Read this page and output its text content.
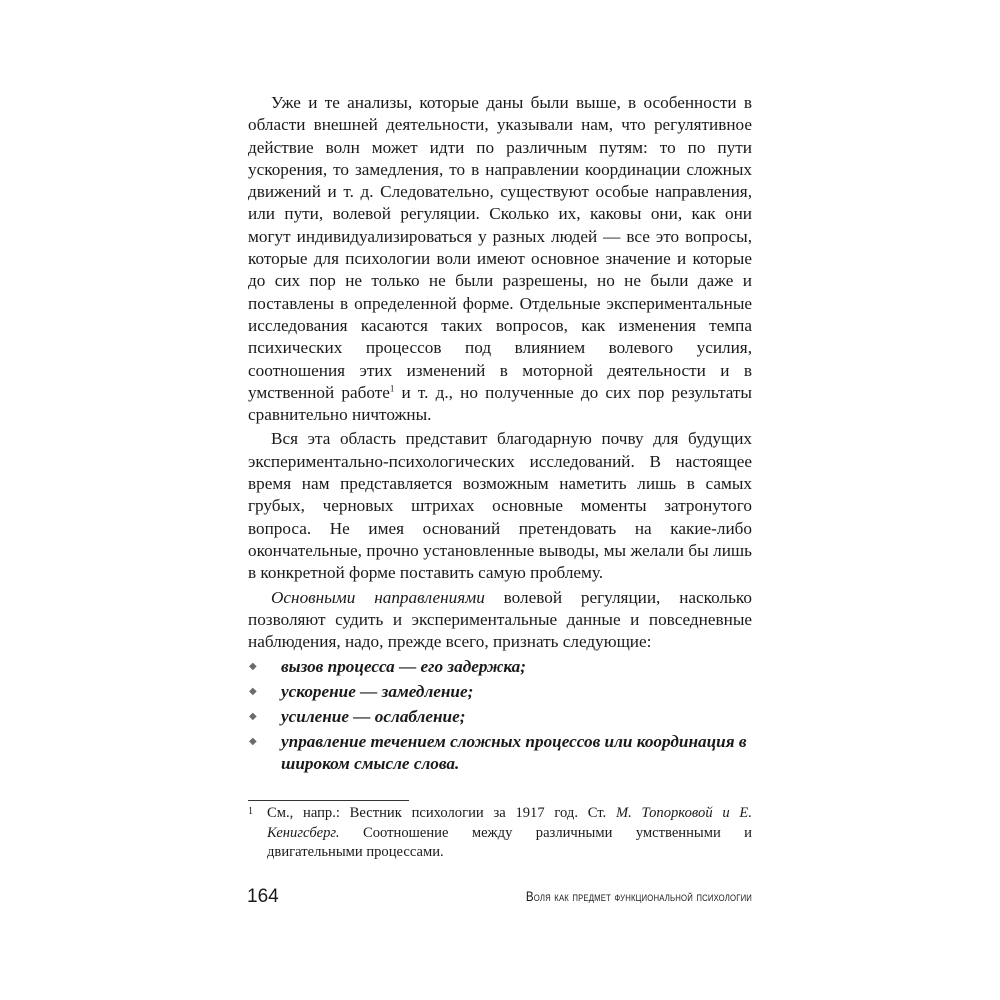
Уже и те анализы, которые даны были выше, в особенности в области внешней деятельности, указывали нам, что регулятивное действие волн может идти по различным путям: то по пути ускорения, то замедления, то в направлении координации сложных движений и т. д. Следовательно, существуют особые направления, или пути, волевой регуляции. Сколько их, каковы они, как они могут индивидуализироваться у разных людей — все это вопросы, которые для психологии воли имеют основное значение и которые до сих пор не только не были разрешены, но не были даже и поставлены в определенной форме. Отдельные экспериментальные исследования касаются таких вопросов, как изменения темпа психических процессов под влиянием волевого усилия, соотношения этих изменений в моторной деятельности и в умственной работе$^1$ и т. д., но полученные до сих пор результаты сравнительно ничтожны.

Вся эта область представит благодарную почву для будущих экспериментально-психологических исследований. В настоящее время нам представляется возможным наметить лишь в самых грубых, черновых штрихах основные моменты затронутого вопроса. Не имея оснований претендовать на какие-либо окончательные, прочно установленные выводы, мы желали бы лишь в конкретной форме поставить самую проблему.

Основными направлениями волевой регуляции, насколько позволяют судить и экспериментальные данные и повседневные наблюдения, надо, прежде всего, признать следующие:

◆ вызов процесса — его задержка;
◆ ускорение — замедление;
◆ усиление — ослабление;
◆ управление течением сложных процессов или координация в широком смысле слова.
1 См., напр.: Вестник психологии за 1917 год. Ст. М. Топорковой и Е. Кенигсберг. Соотношение между различными умственными и двигательными процессами.

164	Воля как предмет функциональной психологии
